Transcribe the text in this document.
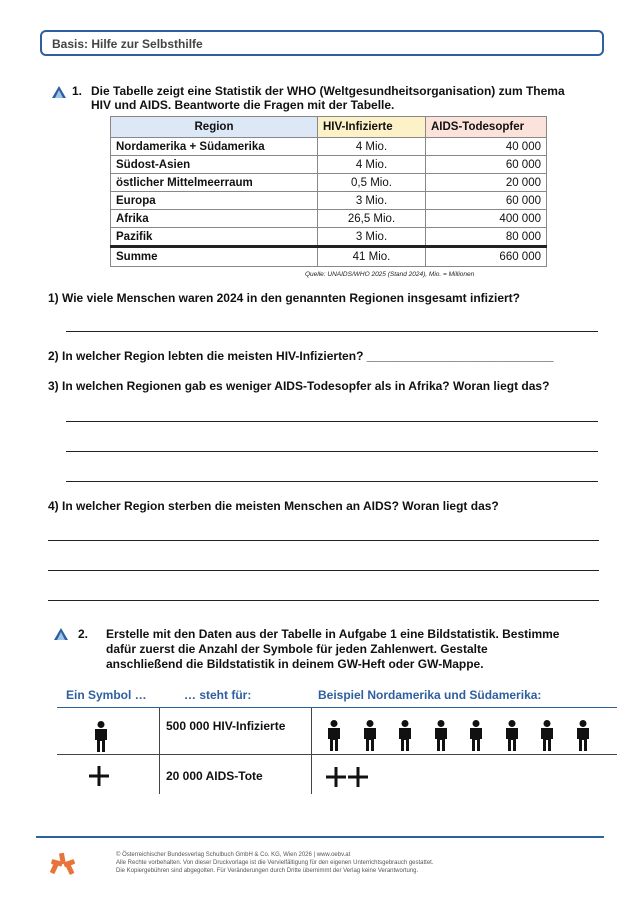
Basis: Hilfe zur Selbsthilfe
1. Die Tabelle zeigt eine Statistik der WHO (Weltgesundheitsorganisation) zum Thema
HIV und AIDS. Beantworte die Fragen mit der Tabelle.
Region	HIV-Infizierte	AIDS-Todesopfer
Nordamerika + Südamerika	4 Mio.	40 000
Südost-Asien	4 Mio.	60 000
östlicher Mittelmeerraum	0,5 Mio.	20 000
Europa	3 Mio.	60 000
Afrika	26,5 Mio.	400 000
Pazifik	3 Mio.	80 000
Summe	41 Mio.	660 000
Quelle: UNAIDS/WHO 2025 (Stand 2024), Mio. = Millionen
1) Wie viele Menschen waren 2024 in den genannten Regionen insgesamt infiziert?
2) In welcher Region lebten die meisten HIV-Infizierten? ____________________________
3) In welchen Regionen gab es weniger AIDS-Todesopfer als in Afrika? Woran liegt das?
4) In welcher Region sterben die meisten Menschen an AIDS? Woran liegt das?
2. Erstelle mit den Daten aus der Tabelle in Aufgabe 1 eine Bildstatistik. Bestimme
dafür zuerst die Anzahl der Symbole für jeden Zahlenwert. Gestalte
anschließend die Bildstatistik in deinem GW-Heft oder GW-Mappe.
Ein Symbol …	… steht für:	Beispiel Nordamerika und Südamerika:
500 000 HIV-Infizierte
20 000 AIDS-Tote
© Österreichischer Bundesverlag Schulbuch GmbH & Co. KG, Wien 2026 | www.oebv.at
Alle Rechte vorbehalten. Von dieser Druckvorlage ist die Vervielfältigung für den eigenen Unterrichtsgebrauch gestattet.
Die Kopiergebühren sind abgegolten. Für Veränderungen durch Dritte übernimmt der Verlag keine Verantwortung.
